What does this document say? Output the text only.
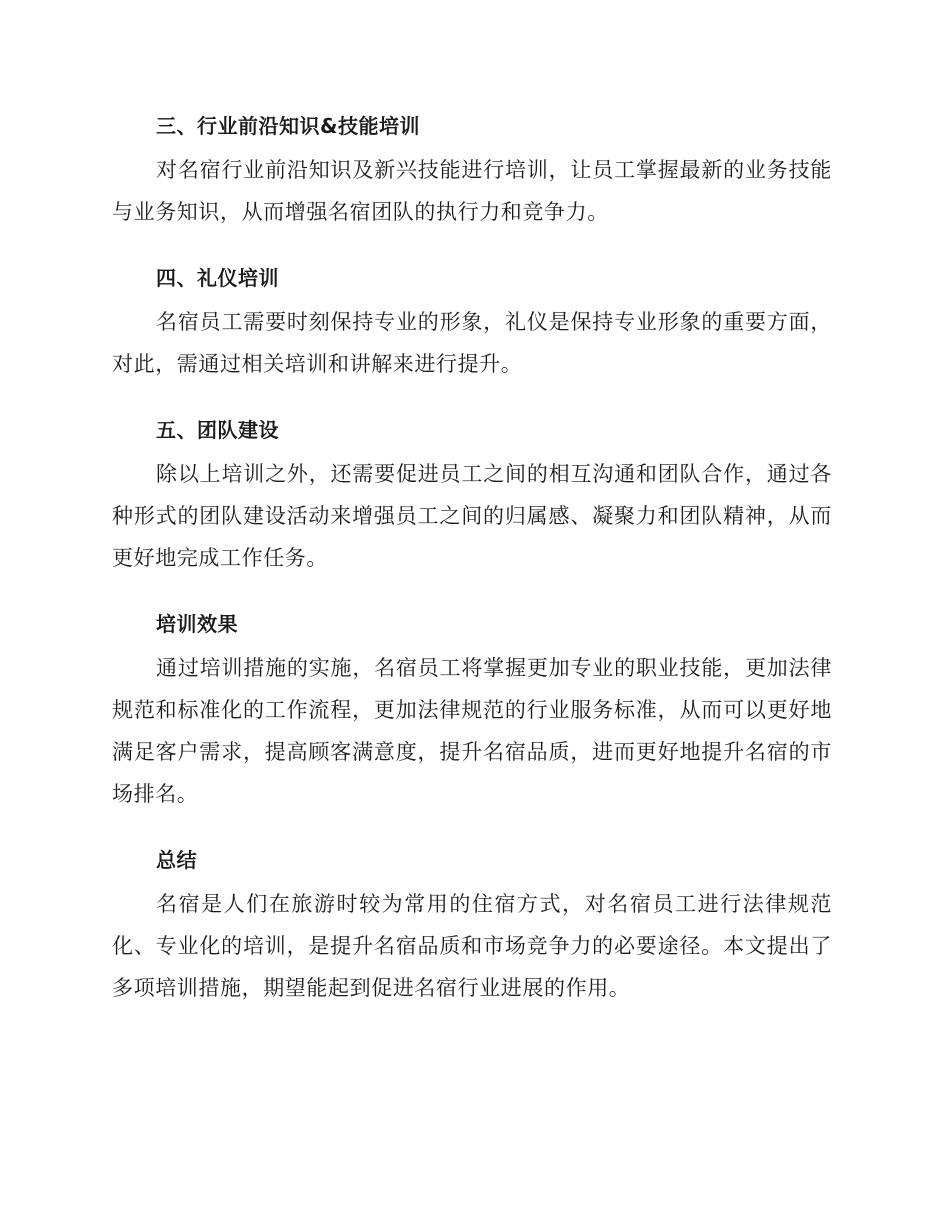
三、行业前沿知识&技能培训

对名宿行业前沿知识及新兴技能进行培训，让员工掌握最新的业务技能与业务知识，从而增强名宿团队的执行力和竞争力。

四、礼仪培训

名宿员工需要时刻保持专业的形象，礼仪是保持专业形象的重要方面，对此，需通过相关培训和讲解来进行提升。

五、团队建设

除以上培训之外，还需要促进员工之间的相互沟通和团队合作，通过各种形式的团队建设活动来增强员工之间的归属感、凝聚力和团队精神，从而更好地完成工作任务。

培训效果

通过培训措施的实施，名宿员工将掌握更加专业的职业技能，更加法律规范和标准化的工作流程，更加法律规范的行业服务标准，从而可以更好地满足客户需求，提高顾客满意度，提升名宿品质，进而更好地提升名宿的市场排名。

总结

名宿是人们在旅游时较为常用的住宿方式，对名宿员工进行法律规范化、专业化的培训，是提升名宿品质和市场竞争力的必要途径。本文提出了多项培训措施，期望能起到促进名宿行业进展的作用。
